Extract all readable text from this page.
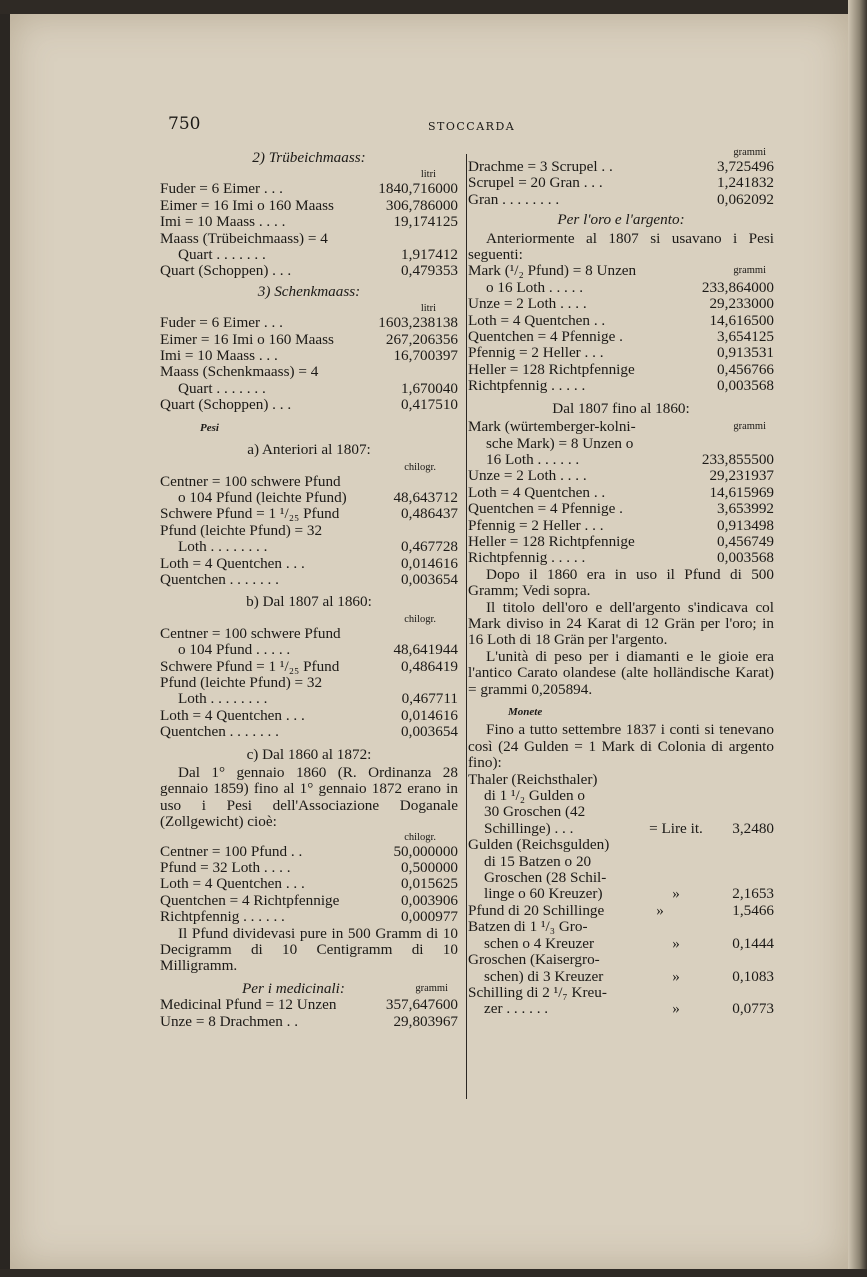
750	STOCCARDA
2) Trübeichmaass:
litri
Fuder = 6 Eimer . . .	1840,716000
Eimer = 16 Imi o 160 Maass	306,786000
Imi = 10 Maass . . . .	19,174125
Maass (Trübeichmaass) = 4
Quart . . . . . . .	1,917412
Quart (Schoppen) . . .	0,479353
3) Schenkmaass:
litri
Fuder = 6 Eimer . . .	1603,238138
Eimer = 16 Imi o 160 Maass	267,206356
Imi = 10 Maass . . .	16,700397
Maass (Schenkmaass) = 4
Quart . . . . . . .	1,670040
Quart (Schoppen) . . .	0,417510
Pesi
a) Anteriori al 1807:
chilogr.
Centner = 100 schwere Pfund
o 104 Pfund (leichte Pfund)	48,643712
Schwere Pfund = 1 ¹/₂₅ Pfund	0,486437
Pfund (leichte Pfund) = 32
Loth . . . . . . . .	0,467728
Loth = 4 Quentchen . . .	0,014616
Quentchen . . . . . . .	0,003654
b) Dal 1807 al 1860:
chilogr.
Centner = 100 schwere Pfund
o 104 Pfund . . . . .	48,641944
Schwere Pfund = 1 ¹/₂₅ Pfund	0,486419
Pfund (leichte Pfund) = 32
Loth . . . . . . . .	0,467711
Loth = 4 Quentchen . . .	0,014616
Quentchen . . . . . . .	0,003654
c) Dal 1860 al 1872:
Dal 1° gennaio 1860 (R. Ordinanza 28 gennaio 1859) fino al 1° gennaio 1872 erano in uso i Pesi dell'Associazione Doganale (Zollgewicht) cioè:
chilogr.
Centner = 100 Pfund . .	50,000000
Pfund = 32 Loth . . . .	0,500000
Loth = 4 Quentchen . . .	0,015625
Quentchen = 4 Richtpfennige	0,003906
Richtpfennig . . . . . .	0,000977
Il Pfund dividevasi pure in 500 Gramm di 10 Decigramm di 10 Centigramm di 10 Milligramm.
Per i medicinali:	grammi
Medicinal Pfund = 12 Unzen	357,647600
Unze = 8 Drachmen . .	29,803967
grammi
Drachme = 3 Scrupel . .	3,725496
Scrupel = 20 Gran . . .	1,241832
Gran . . . . . . . .	0,062092
Per l'oro e l'argento:
Anteriormente al 1807 si usavano i Pesi seguenti:
Mark (¹/₂ Pfund) = 8 Unzen	grammi
o 16 Loth . . . . .	233,864000
Unze = 2 Loth . . . .	29,233000
Loth = 4 Quentchen . .	14,616500
Quentchen = 4 Pfennige .	3,654125
Pfennig = 2 Heller . . .	0,913531
Heller = 128 Richtpfennige	0,456766
Richtpfennig . . . . .	0,003568
Dal 1807 fino al 1860:
Mark (würtemberger-kolni-	grammi
sche Mark) = 8 Unzen o
16 Loth . . . . . .	233,855500
Unze = 2 Loth . . . .	29,231937
Loth = 4 Quentchen . .	14,615969
Quentchen = 4 Pfennige .	3,653992
Pfennig = 2 Heller . . .	0,913498
Heller = 128 Richtpfennige	0,456749
Richtpfennig . . . . .	0,003568
Dopo il 1860 era in uso il Pfund di 500 Gramm; Vedi sopra.
Il titolo dell'oro e dell'argento s'indicava col Mark diviso in 24 Karat di 12 Grän per l'oro; in 16 Loth di 18 Grän per l'argento.
L'unità di peso per i diamanti e le gioie era l'antico Carato olandese (alte holländische Karat) = grammi 0,205894.
Monete
Fino a tutto settembre 1837 i conti si tenevano così (24 Gulden = 1 Mark di Colonia di argento fino):
Thaler (Reichsthaler)
di 1 ¹/₂ Gulden o
30 Groschen (42
Schillinge) . . .	= Lire it.	3,2480
Gulden (Reichsgulden)
di 15 Batzen o 20
Groschen (28 Schil-
linge o 60 Kreuzer)	»	2,1653
Pfund di 20 Schillinge	»	1,5466
Batzen di 1 ¹/₃ Gro-
schen o 4 Kreuzer	»	0,1444
Groschen (Kaisergro-
schen) di 3 Kreuzer	»	0,1083
Schilling di 2 ¹/₇ Kreu-
zer . . . . . .	»	0,0773
